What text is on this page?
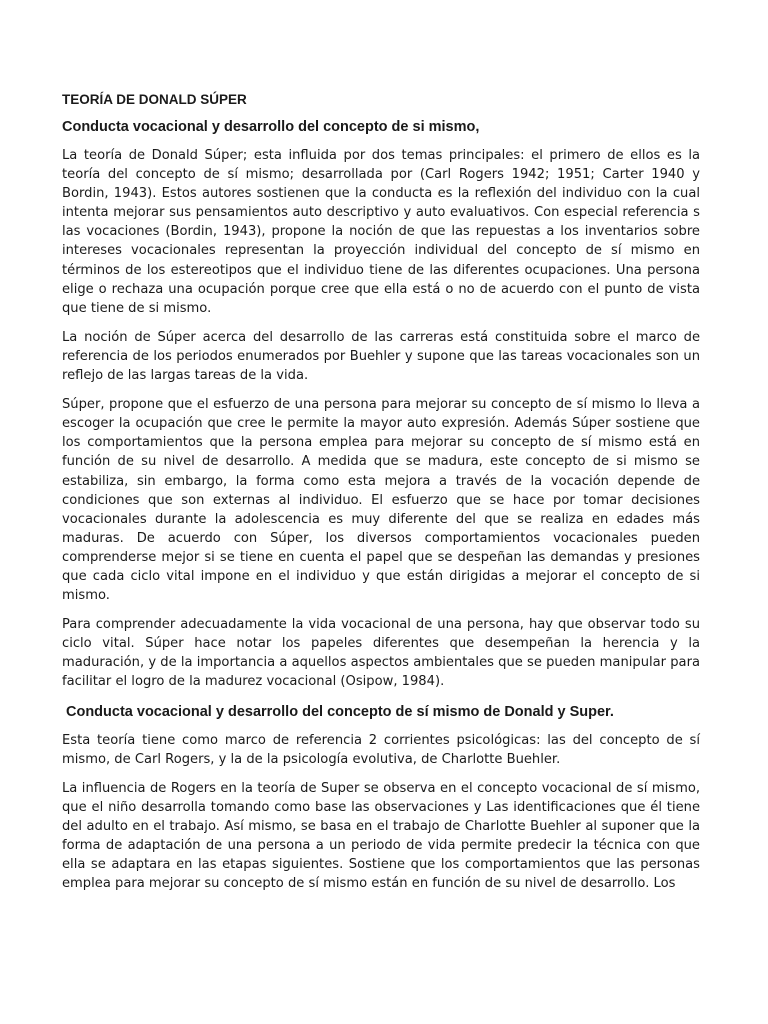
TEORÍA DE DONALD SÚPER
Conducta vocacional y desarrollo del concepto de si mismo,

La teoría de Donald Súper; esta influida por dos temas principales: el primero de ellos es la teoría del concepto de sí mismo; desarrollada por (Carl Rogers 1942; 1951; Carter 1940 y Bordin, 1943). Estos autores sostienen que la conducta es la reflexión del individuo con la cual intenta mejorar sus pensamientos auto descriptivo y auto evaluativos. Con especial referencia s las vocaciones (Bordin, 1943), propone la noción de que las repuestas a los inventarios sobre intereses vocacionales representan la proyección individual del concepto de sí mismo en términos de los estereotipos que el individuo tiene de las diferentes ocupaciones. Una persona elige o rechaza una ocupación porque cree que ella está o no de acuerdo con el punto de vista que tiene de si mismo.

La noción de Súper acerca del desarrollo de las carreras está constituida sobre el marco de referencia de los periodos enumerados por Buehler y supone que las tareas vocacionales son un reflejo de las largas tareas de la vida.

Súper, propone que el esfuerzo de una persona para mejorar su concepto de sí mismo lo lleva a escoger la ocupación que cree le permite la mayor auto expresión. Además Súper sostiene que los comportamientos que la persona emplea para mejorar su concepto de sí mismo está en función de su nivel de desarrollo. A medida que se madura, este concepto de si mismo se estabiliza, sin embargo, la forma como esta mejora a través de la vocación depende de condiciones que son externas al individuo. El esfuerzo que se hace por tomar decisiones vocacionales durante la adolescencia es muy diferente del que se realiza en edades más maduras. De acuerdo con Súper, los diversos comportamientos vocacionales pueden comprenderse mejor si se tiene en cuenta el papel que se despeñan las demandas y presiones que cada ciclo vital impone en el individuo y que están dirigidas a mejorar el concepto de si mismo.

Para comprender adecuadamente la vida vocacional de una persona, hay que observar todo su ciclo vital. Súper hace notar los papeles diferentes que desempeñan la herencia y la maduración, y de la importancia a aquellos aspectos ambientales que se pueden manipular para facilitar el logro de la madurez vocacional (Osipow, 1984).

Conducta vocacional y desarrollo del concepto de sí mismo de Donald y Super.

Esta teoría tiene como marco de referencia 2 corrientes psicológicas: las del concepto de sí mismo, de Carl Rogers, y la de la psicología evolutiva, de Charlotte Buehler.

La influencia de Rogers en la teoría de Super se observa en el concepto vocacional de sí mismo, que el niño desarrolla tomando como base las observaciones y Las identificaciones que él tiene del adulto en el trabajo. Así mismo, se basa en el trabajo de Charlotte Buehler al suponer que la forma de adaptación de una persona a un periodo de vida permite predecir la técnica con que ella se adaptara en las etapas siguientes. Sostiene que los comportamientos que las personas emplea para mejorar su concepto de sí mismo están en función de su nivel de desarrollo. Los
